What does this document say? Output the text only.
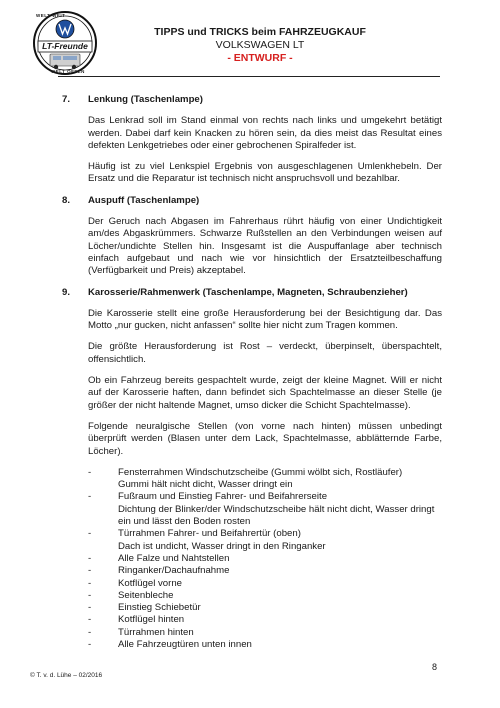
LT-Freunde
WELT WEIT
WELT OFFEN
TIPPS und TRICKS beim FAHRZEUGKAUF
VOLKSWAGEN LT
- ENTWURF -
7.	Lenkung (Taschenlampe)

Das Lenkrad soll im Stand einmal von rechts nach links und umgekehrt betätigt werden. Dabei darf kein Knacken zu hören sein, da dies meist das Resultat eines defekten Lenkgetriebes oder einer gebrochenen Spiralfeder ist.

Häufig ist zu viel Lenkspiel Ergebnis von ausgeschlagenen Umlenkhebeln. Der Ersatz und die Reparatur ist technisch nicht anspruchsvoll und bezahlbar.

8.	Auspuff (Taschenlampe)

Der Geruch nach Abgasen im Fahrerhaus rührt häufig von einer Undichtigkeit am/des Abgaskrümmers. Schwarze Rußstellen an den Verbindungen weisen auf Löcher/undichte Stellen hin. Insgesamt ist die Auspuffanlage aber technisch einfach aufgebaut und nach wie vor hinsichtlich der Ersatzteilbeschaffung (Verfügbarkeit und Preis) akzeptabel.

9.	Karosserie/Rahmenwerk (Taschenlampe, Magneten, Schraubenzieher)

Die Karosserie stellt eine große Herausforderung bei der Besichtigung dar. Das Motto „nur gucken, nicht anfassen“ sollte hier nicht zum Tragen kommen.

Die größte Herausforderung ist Rost – verdeckt, überpinselt, überspachtelt, offensichtlich.

Ob ein Fahrzeug bereits gespachtelt wurde, zeigt der kleine Magnet. Will er nicht auf der Karosserie haften, dann befindet sich Spachtelmasse an dieser Stelle (je größer der nicht haltende Magnet, umso dicker die Schicht Spachtelmasse).

Folgende neuralgische Stellen (von vorne nach hinten) müssen unbedingt überprüft werden (Blasen unter dem Lack, Spachtelmasse, abblätternde Farbe, Löcher).

-	Fensterrahmen Windschutzscheibe (Gummi wölbt sich, Rostläufer)
Gummi hält nicht dicht, Wasser dringt ein
-	Fußraum und Einstieg Fahrer- und Beifahrerseite
Dichtung der Blinker/der Windschutzscheibe hält nicht dicht, Wasser dringt ein und lässt den Boden rosten
-	Türrahmen Fahrer- und Beifahrertür (oben)
Dach ist undicht, Wasser dringt in den Ringanker
-	Alle Falze und Nahtstellen
-	Ringanker/Dachaufnahme
-	Kotflügel vorne
-	Seitenbleche
-	Einstieg Schiebetür
-	Kotflügel hinten
-	Türrahmen hinten
-	Alle Fahrzeugtüren unten innen
8
© T. v. d. Lühe – 02/2016
